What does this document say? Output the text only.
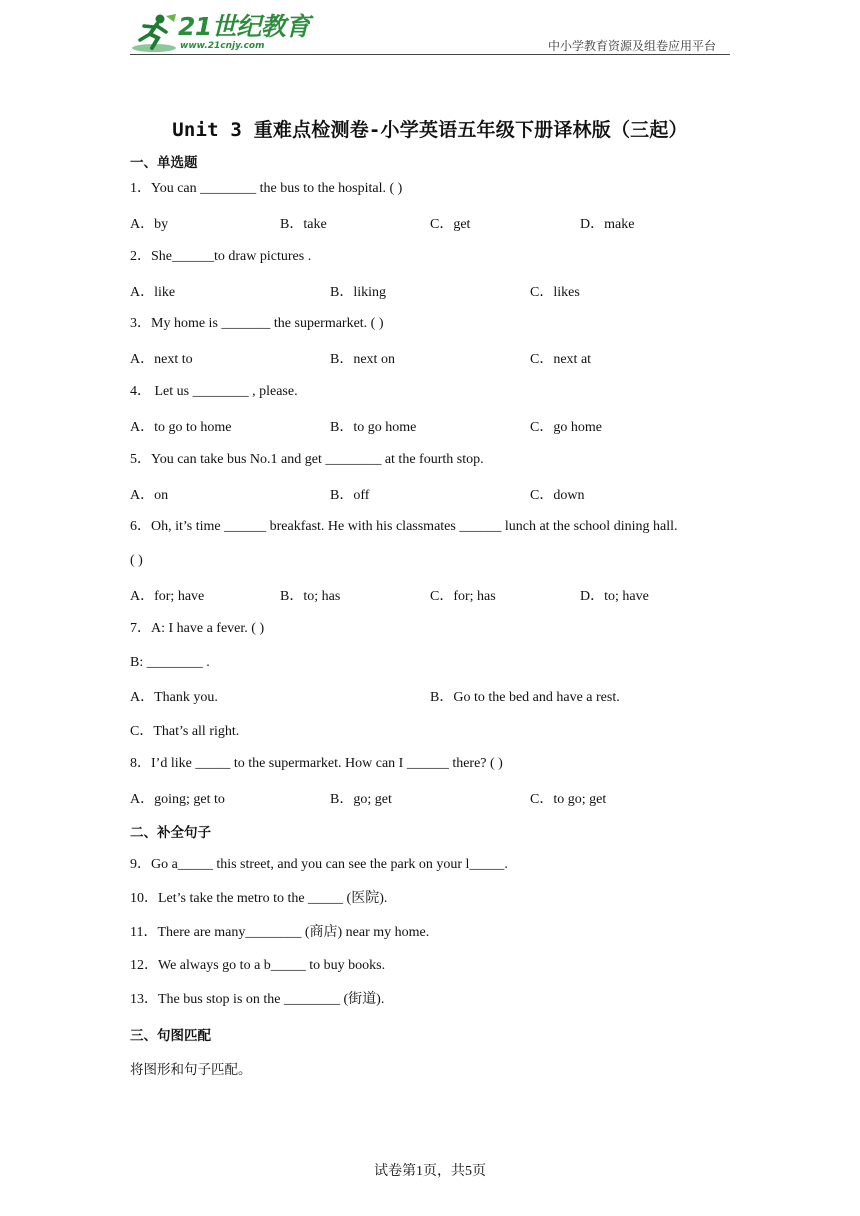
21世纪教育
www.21cnjy.com	中小学教育资源及组卷应用平台
Unit 3 重难点检测卷-小学英语五年级下册译林版（三起）
一、单选题
1．You can ________ the bus to the hospital. ( )
A．by	B．take	C．get	D．make
2．She______to draw pictures .
A．like	B．liking	C．likes
3．My home is _______ the supermarket. ( )
A．next to	B．next on	C．next at
4． Let us ________ , please.
A．to go to home	B．to go home	C．go home
5．You can take bus No.1 and get ________ at the fourth stop.
A．on	B．off	C．down
6．Oh, it’s time ______ breakfast. He with his classmates ______ lunch at the school dining hall.
( )
A．for; have	B．to; has	C．for; has	D．to; have
7．A: I have a fever. ( )
B: ________ .
A．Thank you.	B．Go to the bed and have a rest.
C．That’s all right.
8．I’d like _____ to the supermarket. How can I ______ there? ( )
A．going; get to	B．go; get	C．to go; get
二、补全句子
9．Go a_____ this street, and you can see the park on your l_____.
10．Let’s take the metro to the _____ (医院).
11．There are many________ (商店) near my home.
12．We always go to a b_____ to buy books.
13．The bus stop is on the ________ (街道).
三、句图匹配
将图形和句子匹配。
试卷第1页，共5页
